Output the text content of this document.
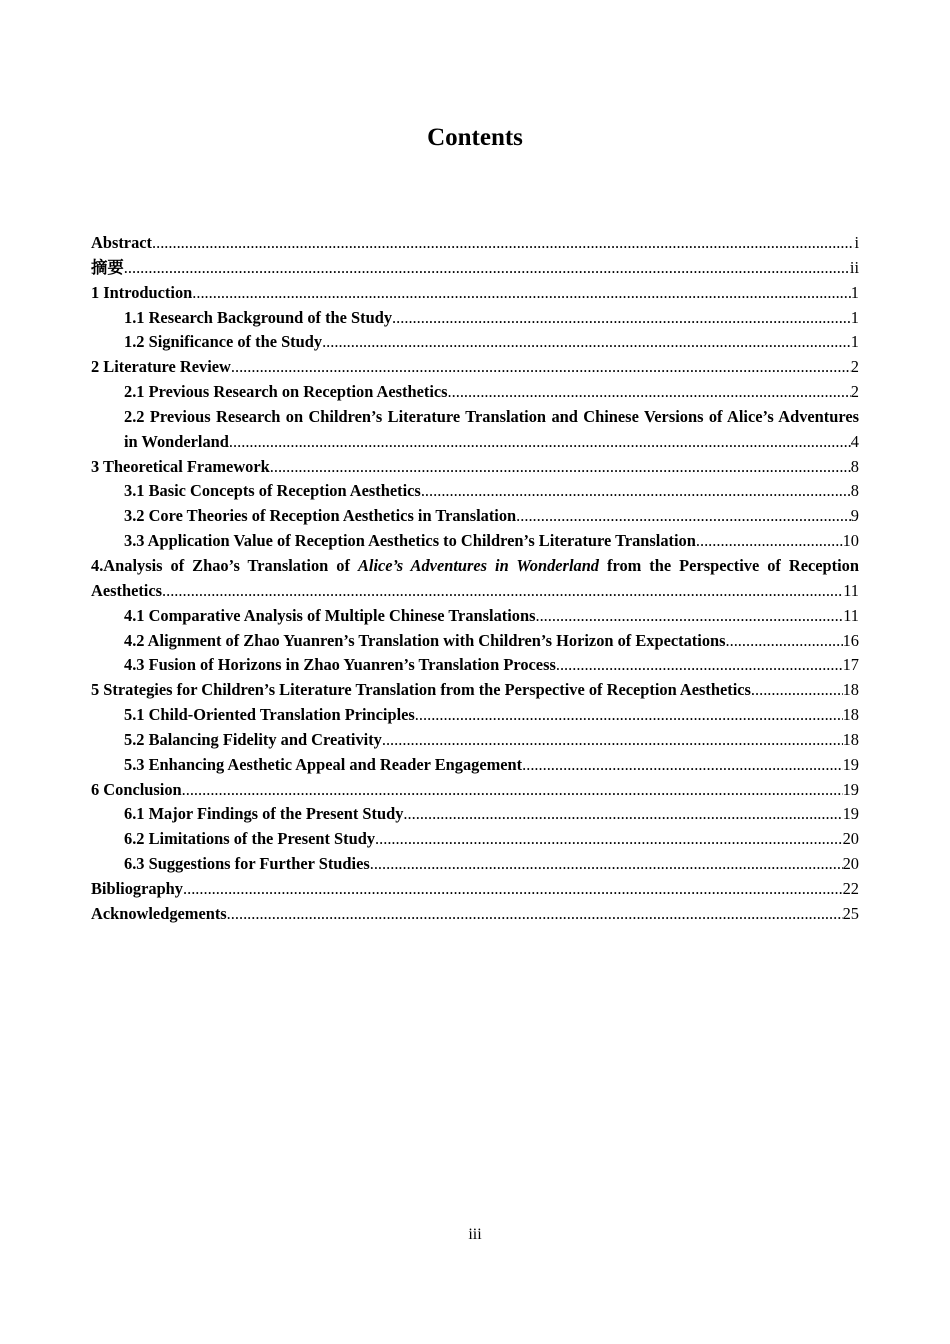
Contents
Abstract .....	i
摘要 .....	ii
1 Introduction .....	1
1.1 Research Background of the Study .....	1
1.2 Significance of the Study .....	1
2 Literature Review .....	2
2.1 Previous Research on Reception Aesthetics .....	2
2.2 Previous Research on Children’s Literature Translation and Chinese Versions of Alice’s Adventures
in Wonderland .....	4
3 Theoretical Framework .....	8
3.1 Basic Concepts of Reception Aesthetics .....	8
3.2 Core Theories of Reception Aesthetics in Translation .....	9
3.3 Application Value of Reception Aesthetics to Children’s Literature Translation .....	10
4.Analysis of Zhao’s Translation of Alice’s Adventures in Wonderland from the Perspective of Reception
Aesthetics .....	11
4.1 Comparative Analysis of Multiple Chinese Translations .....	11
4.2 Alignment of Zhao Yuanren’s Translation with Children’s Horizon of Expectations .....	16
4.3 Fusion of Horizons in Zhao Yuanren’s Translation Process .....	17
5 Strategies for Children’s Literature Translation from the Perspective of Reception Aesthetics .....	18
5.1 Child-Oriented Translation Principles .....	18
5.2 Balancing Fidelity and Creativity .....	18
5.3 Enhancing Aesthetic Appeal and Reader Engagement .....	19
6 Conclusion .....	19
6.1 Major Findings of the Present Study .....	19
6.2 Limitations of the Present Study .....	20
6.3 Suggestions for Further Studies .....	20
Bibliography .....	22
Acknowledgements .....	25
iii
